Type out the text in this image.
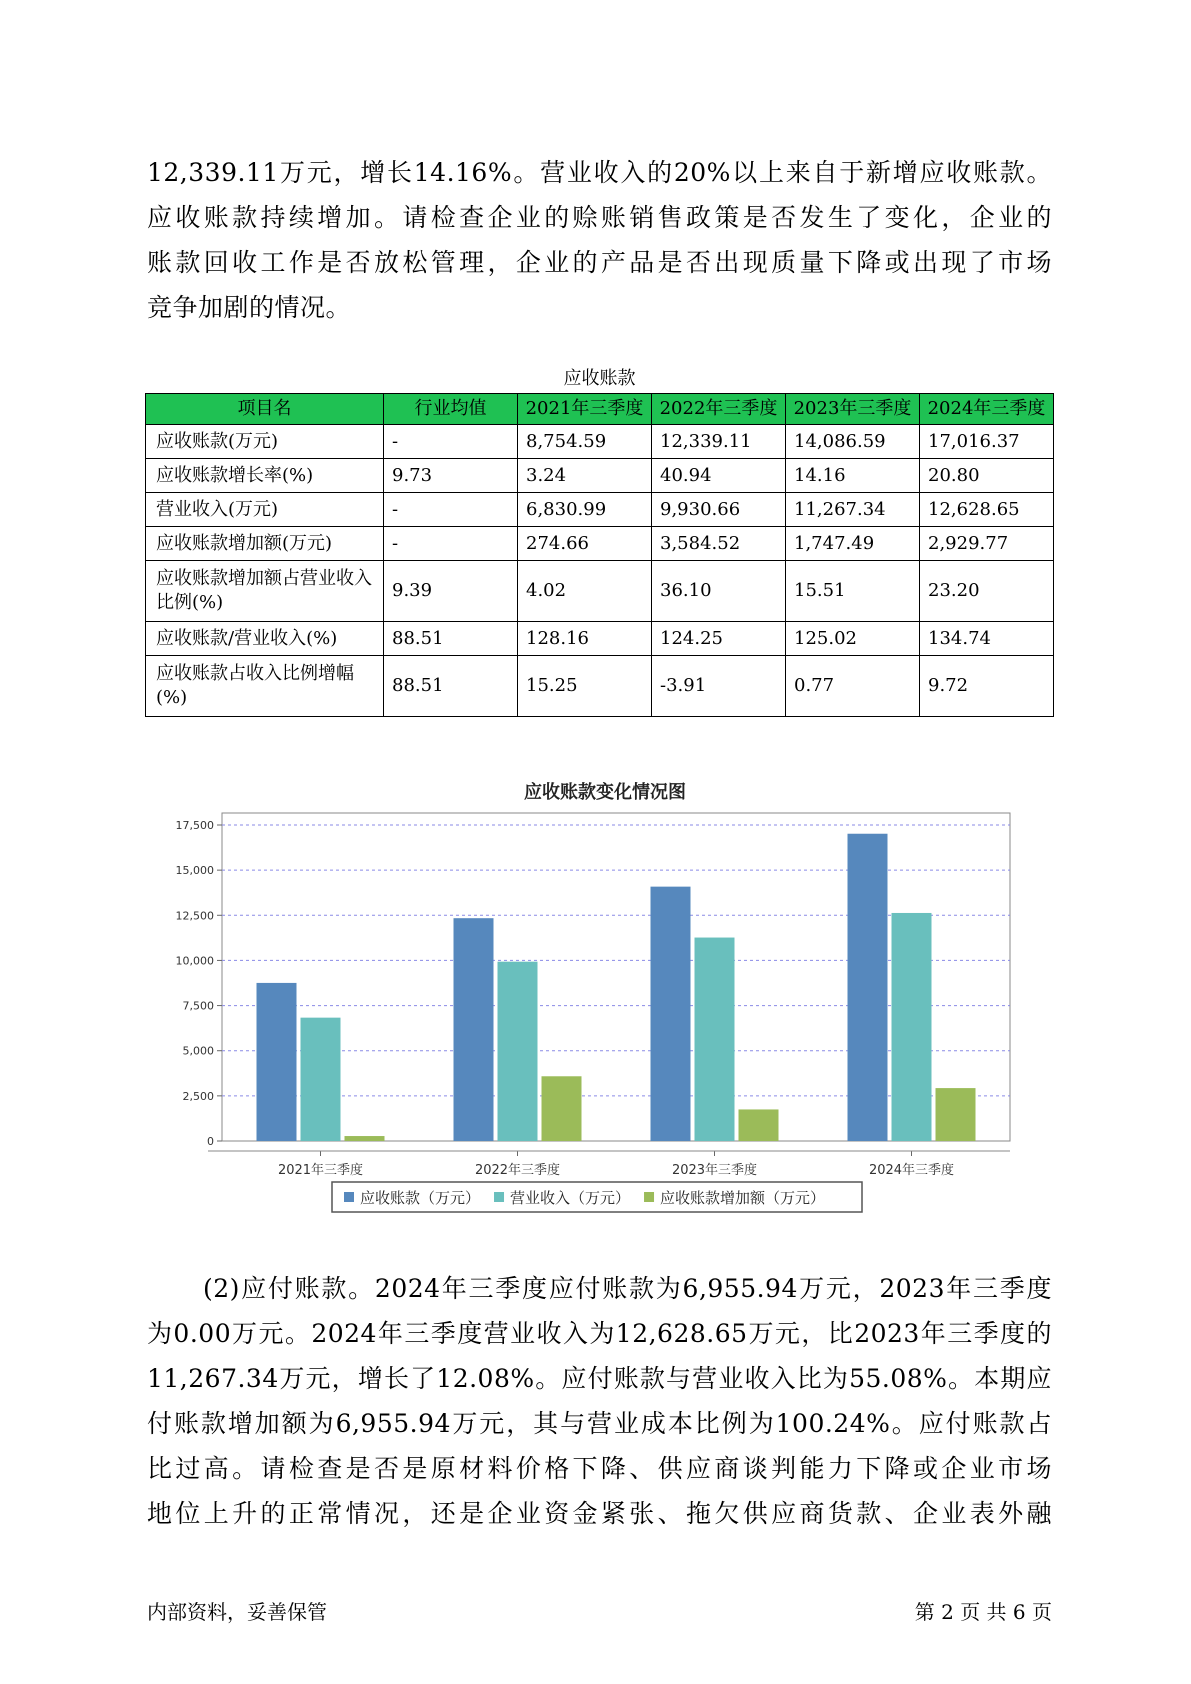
12,339.11万元，增长14.16%。营业收入的20%以上来自于新增应收账款。
应收账款持续增加。请检查企业的赊账销售政策是否发生了变化，企业的
账款回收工作是否放松管理，企业的产品是否出现质量下降或出现了市场
竞争加剧的情况。
应收账款
项目名	行业均值	2021年三季度	2022年三季度	2023年三季度	2024年三季度
应收账款(万元)	-	8,754.59	12,339.11	14,086.59	17,016.37
应收账款增长率(%)	9.73	3.24	40.94	14.16	20.80
营业收入(万元)	-	6,830.99	9,930.66	11,267.34	12,628.65
应收账款增加额(万元)	-	274.66	3,584.52	1,747.49	2,929.77
应收账款增加额占营业收入比例(%)	9.39	4.02	36.10	15.51	23.20
应收账款/营业收入(%)	88.51	128.16	124.25	125.02	134.74
应收账款占收入比例增幅(%)	88.51	15.25	-3.91	0.77	9.72
应收账款变化情况图
0
2,500
5,000
7,500
10,000
12,500
15,000
17,500
2021年三季度	2022年三季度	2023年三季度	2024年三季度
应收账款（万元） 营业收入（万元） 应收账款增加额（万元）
(2)应付账款。2024年三季度应付账款为6,955.94万元，2023年三季度
为0.00万元。2024年三季度营业收入为12,628.65万元，比2023年三季度的
11,267.34万元，增长了12.08%。应付账款与营业收入比为55.08%。本期应
付账款增加额为6,955.94万元，其与营业成本比例为100.24%。应付账款占
比过高。请检查是否是原材料价格下降、供应商谈判能力下降或企业市场
地位上升的正常情况，还是企业资金紧张、拖欠供应商货款、企业表外融
内部资料，妥善保管	第 2 页 共 6 页
